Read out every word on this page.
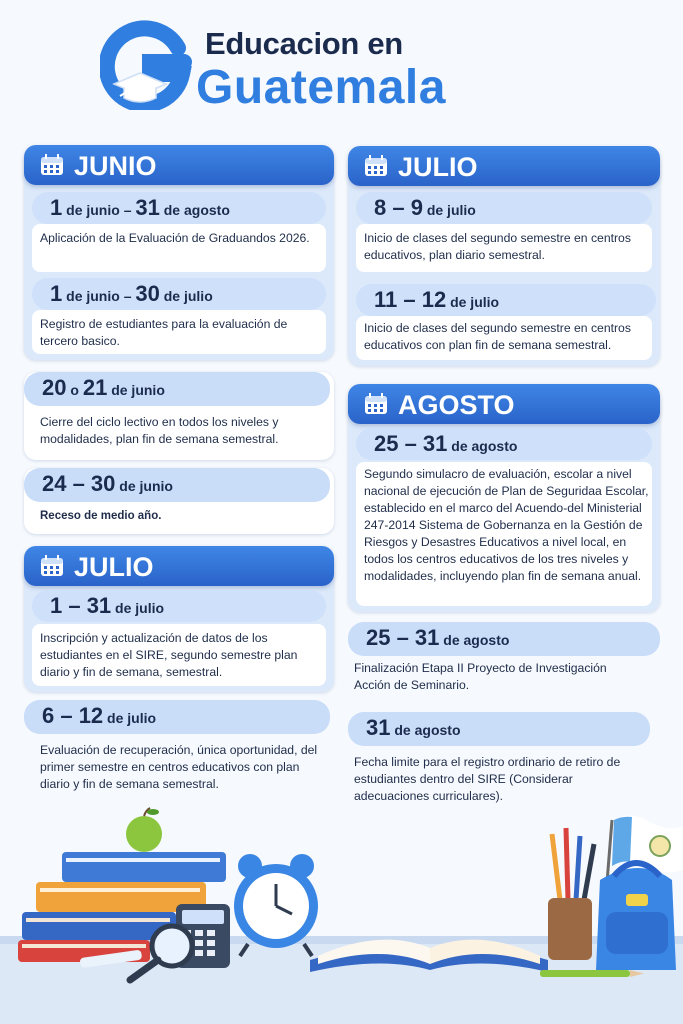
Educacion en
Guatemala
JUNIO
1 de junio – 31 de agosto
Aplicación de la Evaluación de Graduandos 2026.
1 de junio – 30 de julio
Registro de estudiantes para la evaluación de tercero basico.
20 o 21 de junio
Cierre del ciclo lectivo en todos los niveles y modalidades, plan fin de semana semestral.
24 – 30 de junio
Receso de medio año.
JULIO
1 – 31 de julio
Inscripción y actualización de datos de los estudiantes en el SIRE, segundo semestre plan diario y fin de semana, semestral.
6 – 12 de julio
Evaluación de recuperación, única oportunidad, del primer semestre en centros educativos con plan diario y fin de semana semestral.
JULIO
8 – 9 de julio
Inicio de clases del segundo semestre en centros educativos, plan diario semestral.
11 – 12 de julio
Inicio de clases del segundo semestre en centros educativos con plan fin de semana semestral.
AGOSTO
25 – 31 de agosto
Segundo simulacro de evaluación, escolar a nivel nacional de ejecución de Plan de Seguridaa Escolar, establecido en el marco del Acuendo-del Ministerial 247-2014 Sistema de Gobernanza en la Gestión de Riesgos y Desastres Educativos a nivel local, en todos los centros educativos de los tres niveles y modalidades, incluyendo plan fin de semana anual.
25 – 31 de agosto
Finalización Etapa II Proyecto de Investigación Acción de Seminario.
31 de agosto
Fecha limite para el registro ordinario de retiro de estudiantes dentro del SIRE (Considerar adecuaciones curriculares).
